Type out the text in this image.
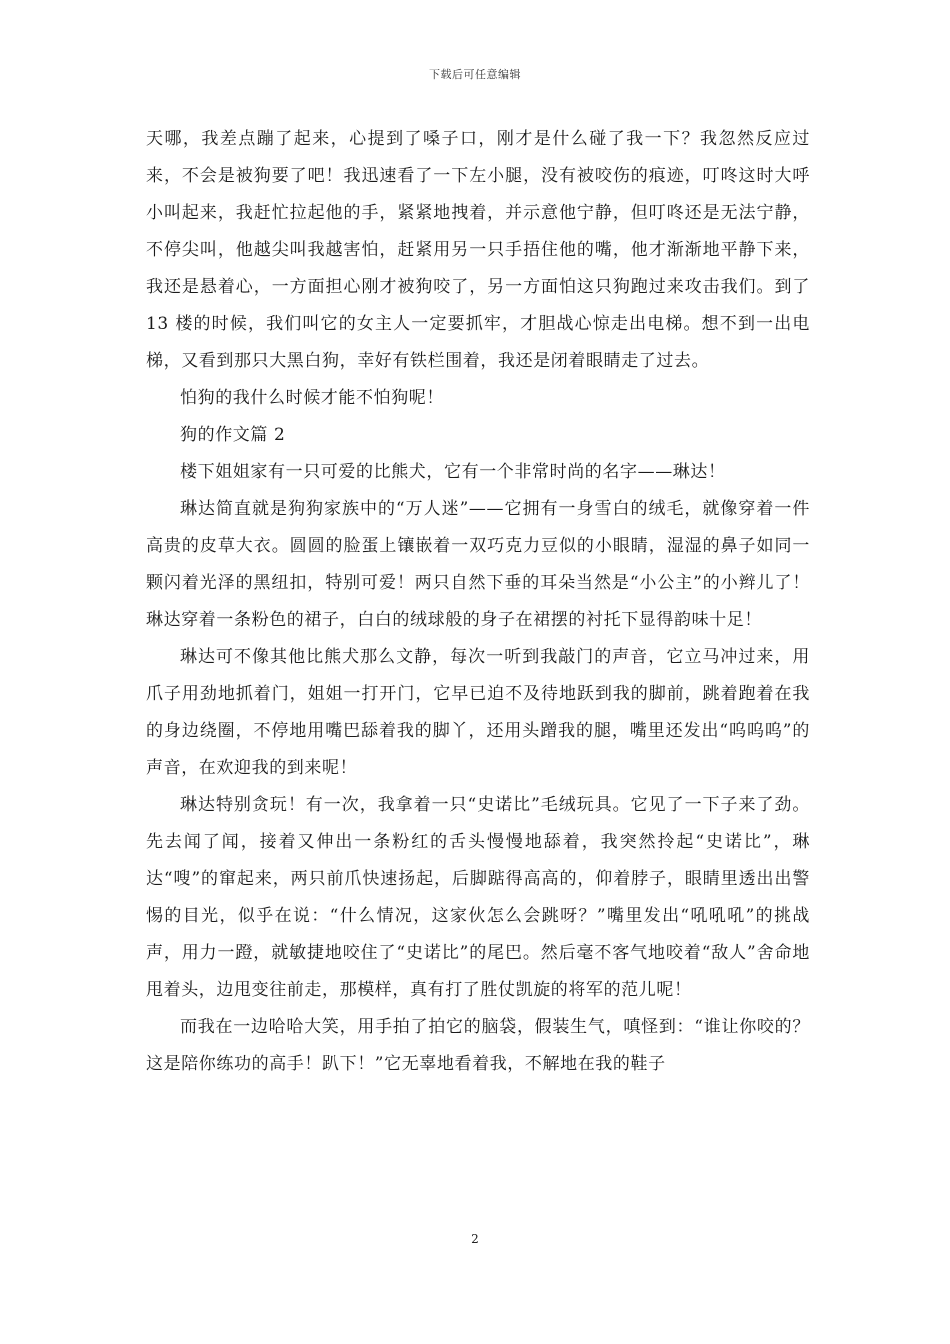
下载后可任意编辑

天哪，我差点蹦了起来，心提到了嗓子口，刚才是什么碰了我一下？我忽然反应过来，不会是被狗要了吧！我迅速看了一下左小腿，没有被咬伤的痕迹，叮咚这时大呼小叫起来，我赶忙拉起他的手，紧紧地拽着，并示意他宁静，但叮咚还是无法宁静，不停尖叫，他越尖叫我越害怕，赶紧用另一只手捂住他的嘴，他才渐渐地平静下来，我还是悬着心，一方面担心刚才被狗咬了，另一方面怕这只狗跑过来攻击我们。到了 13 楼的时候，我们叫它的女主人一定要抓牢，才胆战心惊走出电梯。想不到一出电梯，又看到那只大黑白狗，幸好有铁栏围着，我还是闭着眼睛走了过去。

怕狗的我什么时候才能不怕狗呢！

狗的作文篇 2

楼下姐姐家有一只可爱的比熊犬，它有一个非常时尚的名字——琳达！

琳达简直就是狗狗家族中的“万人迷”——它拥有一身雪白的绒毛，就像穿着一件高贵的皮草大衣。圆圆的脸蛋上镶嵌着一双巧克力豆似的小眼睛，湿湿的鼻子如同一颗闪着光泽的黑纽扣，特别可爱！两只自然下垂的耳朵当然是“小公主”的小辫儿了！琳达穿着一条粉色的裙子，白白的绒球般的身子在裙摆的衬托下显得韵味十足！

琳达可不像其他比熊犬那么文静，每次一听到我敲门的声音，它立马冲过来，用爪子用劲地抓着门，姐姐一打开门，它早已迫不及待地跃到我的脚前，跳着跑着在我的身边绕圈，不停地用嘴巴舔着我的脚丫，还用头蹭我的腿，嘴里还发出“呜呜呜”的声音，在欢迎我的到来呢！

琳达特别贪玩！有一次，我拿着一只“史诺比”毛绒玩具。它见了一下子来了劲。先去闻了闻，接着又伸出一条粉红的舌头慢慢地舔着，我突然拎起“史诺比”，琳达“嗖”的窜起来，两只前爪快速扬起，后脚踮得高高的，仰着脖子，眼睛里透出出警惕的目光，似乎在说：“什么情况，这家伙怎么会跳呀？”嘴里发出“吼吼吼”的挑战声，用力一蹬，就敏捷地咬住了“史诺比”的尾巴。然后毫不客气地咬着“敌人”舍命地甩着头，边甩变往前走，那模样，真有打了胜仗凯旋的将军的范儿呢！

而我在一边哈哈大笑，用手拍了拍它的脑袋，假装生气，嗔怪到：“谁让你咬的？这是陪你练功的高手！趴下！”它无辜地看着我，不解地在我的鞋子

2
